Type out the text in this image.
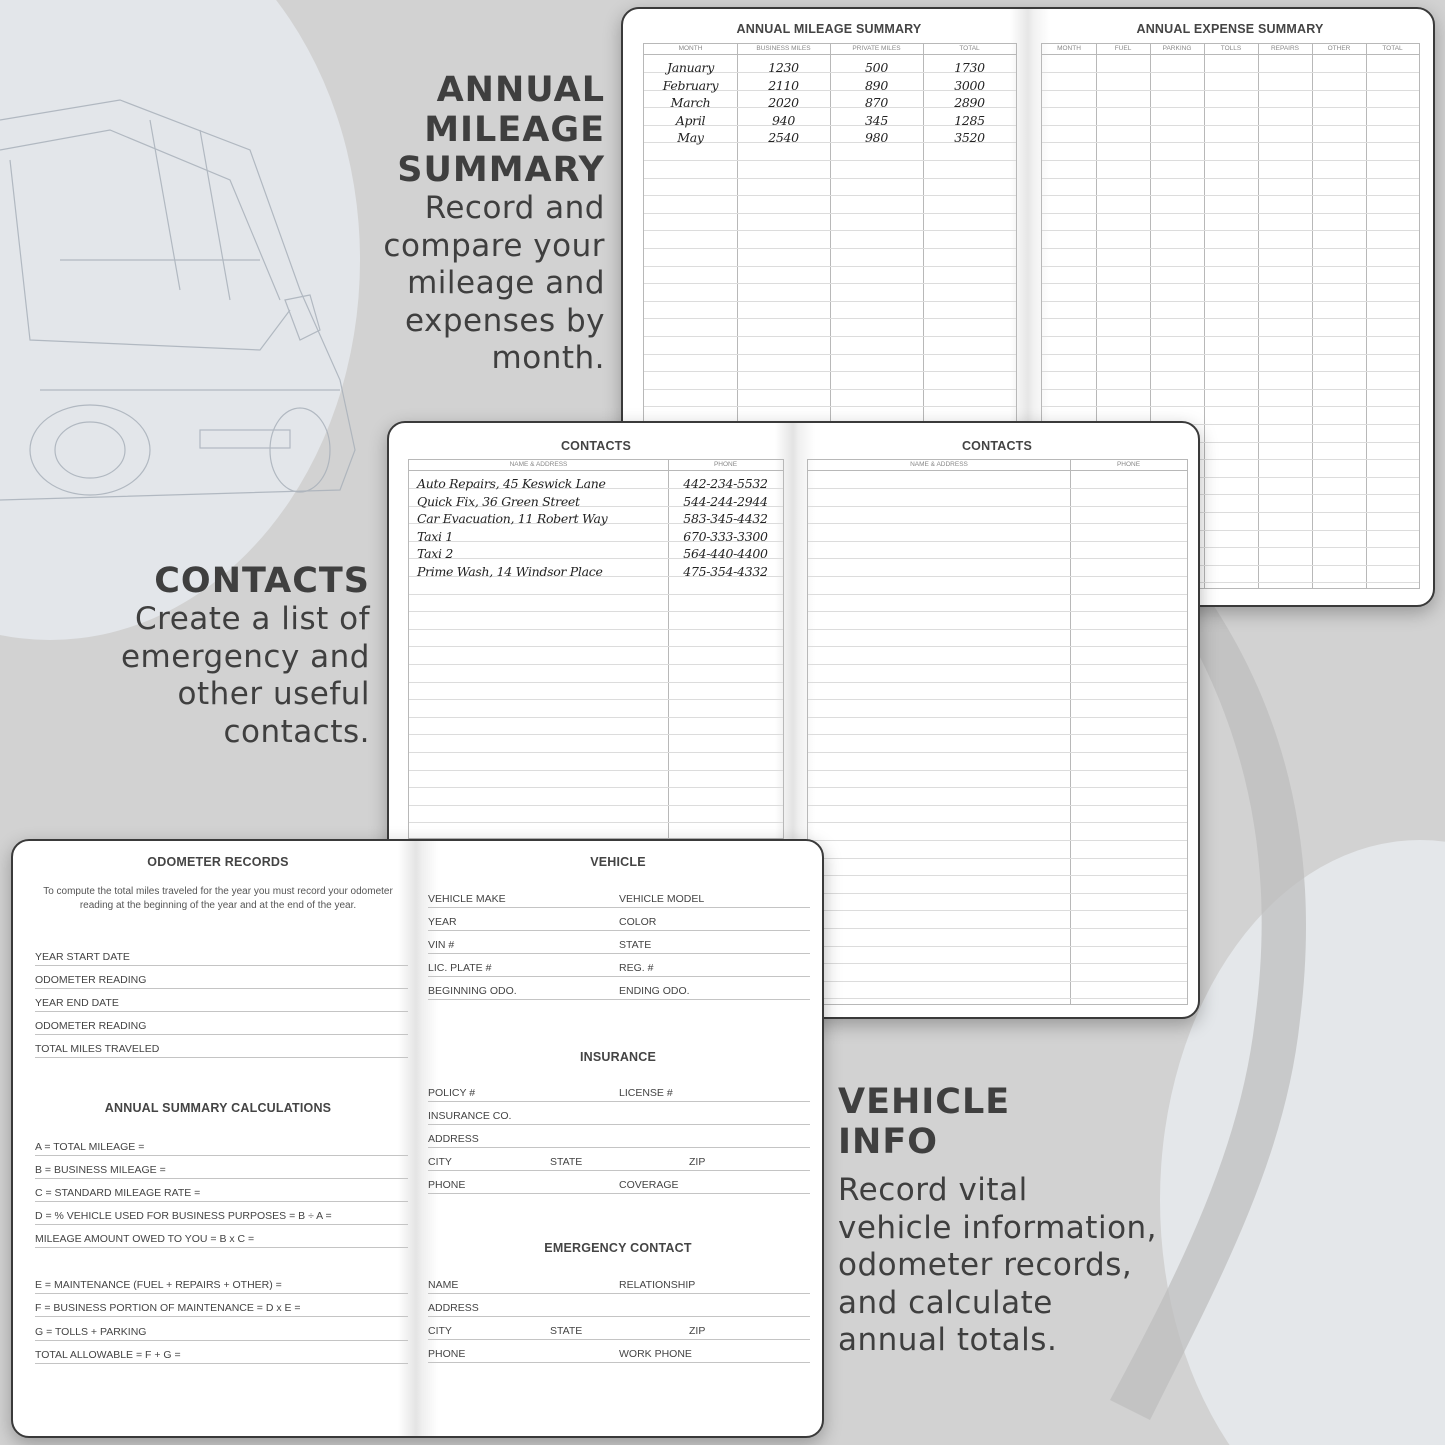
ANNUAL
MILEAGE
SUMMARY
Record and
compare your
mileage and
expenses by
month.
CONTACTS
Create a list of
emergency and
other useful
contacts.
VEHICLE
INFO
Record vital
vehicle information,
odometer records,
and calculate
annual totals.
ANNUAL MILEAGE SUMMARY
MONTH	BUSINESS MILES	PRIVATE MILES	TOTAL
January	1230	500	1730
February	2110	890	3000
March	2020	870	2890
April	940	345	1285
May	2540	980	3520
ANNUAL EXPENSE SUMMARY
MONTH	FUEL	PARKING	TOLLS	REPAIRS	OTHER	TOTAL
CONTACTS
NAME & ADDRESS	PHONE
Auto Repairs, 45 Keswick Lane	442-234-5532
Quick Fix, 36 Green Street	544-244-2944
Car Evacuation, 11 Robert Way	583-345-4432
Taxi 1	670-333-3300
Taxi 2	564-440-4400
Prime Wash, 14 Windsor Place	475-354-4332
CONTACTS
NAME & ADDRESS	PHONE
ODOMETER RECORDS
To compute the total miles traveled for the year you must record your odometer
reading at the beginning of the year and at the end of the year.
YEAR START DATE
ODOMETER READING
YEAR END DATE
ODOMETER READING
TOTAL MILES TRAVELED
ANNUAL SUMMARY CALCULATIONS
A = TOTAL MILEAGE =
B = BUSINESS MILEAGE =
C = STANDARD MILEAGE RATE =
D = % VEHICLE USED FOR BUSINESS PURPOSES = B ÷ A =
MILEAGE AMOUNT OWED TO YOU = B x C =
E = MAINTENANCE (FUEL + REPAIRS + OTHER) =
F = BUSINESS PORTION OF MAINTENANCE = D x E =
G = TOLLS + PARKING
TOTAL ALLOWABLE = F + G =
VEHICLE
VEHICLE MAKE	VEHICLE MODEL
YEAR	COLOR
VIN #	STATE
LIC. PLATE #	REG. #
BEGINNING ODO.	ENDING ODO.
INSURANCE
POLICY #	LICENSE #
INSURANCE CO.
ADDRESS
CITY	STATE	ZIP
PHONE	COVERAGE
EMERGENCY CONTACT
NAME	RELATIONSHIP
ADDRESS
CITY	STATE	ZIP
PHONE	WORK PHONE
